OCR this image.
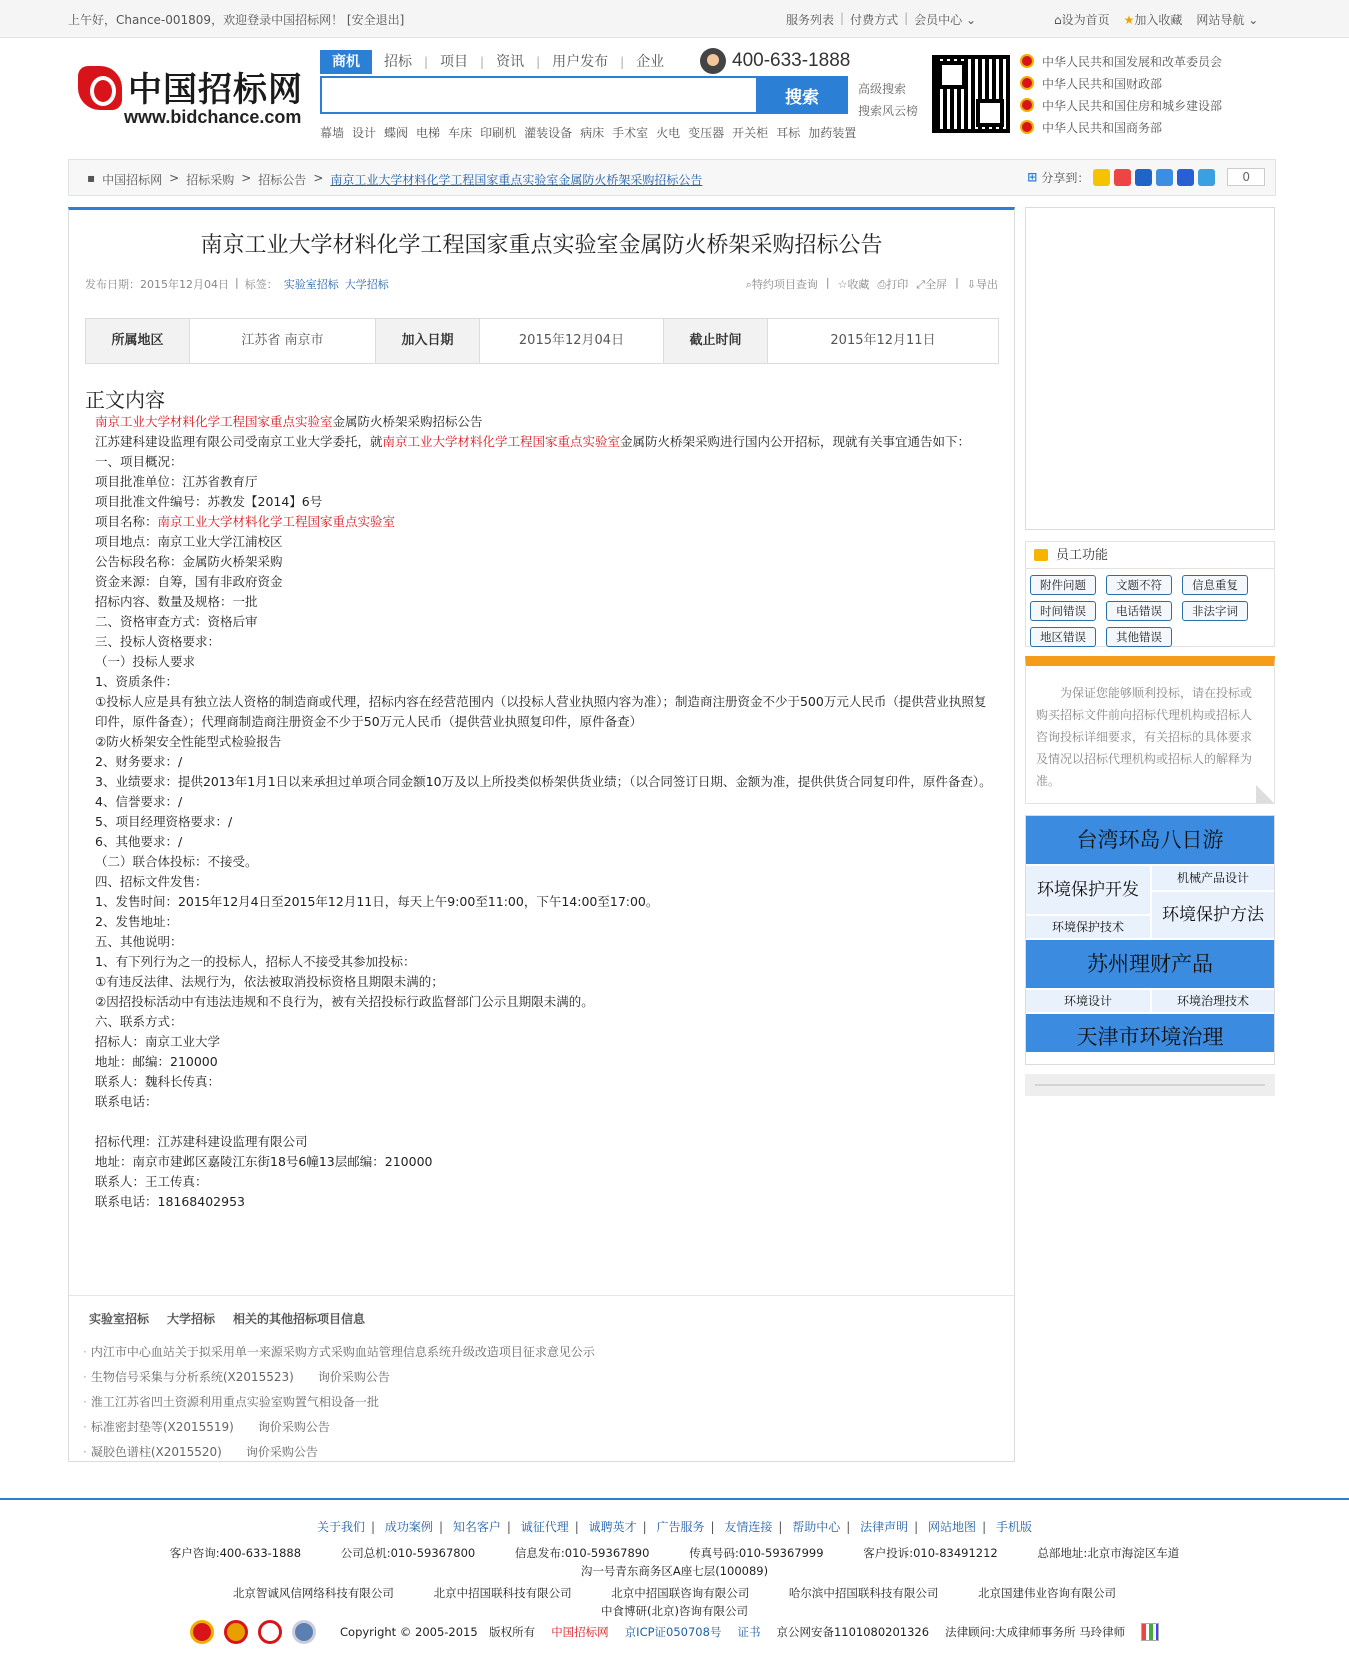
上午好，Chance-001809，欢迎登录中国招标网！ [安全退出]	服务列表 | 付费方式 | 会员中心 ⌄	⌂设为首页 ★加入收藏 网站导航 ⌄
中国招标网
www.bidchance.com
商机	招标	| 项目	| 资讯	| 用户发布	| 企业	400-633-1888
搜索	高级搜索
搜索风云榜
幕墙 设计 蝶阀 电梯 车床 印刷机 灌装设备 病床 手术室 火电 变压器 开关柜 耳标 加药装置
中华人民共和国发展和改革委员会
中华人民共和国财政部
中华人民共和国住房和城乡建设部
中华人民共和国商务部
▪ 中国招标网 > 招标采购 > 招标公告 > 南京工业大学材料化学工程国家重点实验室金属防火桥架采购招标公告	⊞ 分享到：	0
南京工业大学材料化学工程国家重点实验室金属防火桥架采购招标公告
发布日期：2015年12月04日 | 标签： 实验室招标 大学招标	⌕特约项目查询 | ☆收藏 ⎙打印 ⤢全屏 | ⇩导出
所属地区	江苏省 南京市	加入日期	2015年12月04日	截止时间	2015年12月11日
正文内容

南京工业大学材料化学工程国家重点实验室金属防火桥架采购招标公告

江苏建科建设监理有限公司受南京工业大学委托，就南京工业大学材料化学工程国家重点实验室金属防火桥架采购进行国内公开招标，现就有关事宜通告如下：

一、项目概况：

项目批准单位：江苏省教育厅

项目批准文件编号：苏教发【2014】6号

项目名称：南京工业大学材料化学工程国家重点实验室

项目地点：南京工业大学江浦校区

公告标段名称：金属防火桥架采购

资金来源：自筹，国有非政府资金

招标内容、数量及规格：一批

二、资格审查方式：资格后审

三、投标人资格要求：

（一）投标人要求

1、资质条件：

①投标人应是具有独立法人资格的制造商或代理，招标内容在经营范围内（以投标人营业执照内容为准）；制造商注册资金不少于500万元人民币（提供营业执照复印件，原件备查）；代理商制造商注册资金不少于50万元人民币（提供营业执照复印件，原件备查）

②防火桥架安全性能型式检验报告

2、财务要求：/

3、业绩要求：提供2013年1月1日以来承担过单项合同金额10万及以上所投类似桥架供货业绩；（以合同签订日期、金额为准，提供供货合同复印件，原件备查）。

4、信誉要求：/

5、项目经理资格要求：/

6、其他要求：/

（二）联合体投标：不接受。

四、招标文件发售：

1、发售时间：2015年12月4日至2015年12月11日，每天上午9:00至11:00，下午14:00至17:00。

2、发售地址：

五、其他说明：

1、有下列行为之一的投标人，招标人不接受其参加投标：

①有违反法律、法规行为，依法被取消投标资格且期限未满的；

②因招投标活动中有违法违规和不良行为，被有关招投标行政监督部门公示且期限未满的。

六、联系方式：

招标人：南京工业大学

地址：邮编：210000

联系人：魏科长传真：

联系电话：

招标代理：江苏建科建设监理有限公司

地址：南京市建邺区嘉陵江东街18号6幢13层邮编：210000

联系人：王工传真：

联系电话：18168402953

实验室招标 大学招标 相关的其他招标项目信息
· 内江市中心血站关于拟采用单一来源采购方式采购血站管理信息系统升级改造项目征求意见公示
· 生物信号采集与分析系统(X2015523)　　询价采购公告
· 淮工江苏省凹土资源利用重点实验室购置气相设备一批
· 标准密封垫等(X2015519)　　询价采购公告
· 凝胶色谱柱(X2015520)　　询价采购公告
员工功能
附件问题	文题不符	信息重复
时间错误	电话错误	非法字词
地区错误	其他错误
为保证您能够顺利投标，请在投标或购买招标文件前向招标代理机构或招标人咨询投标详细要求，有关招标的具体要求及情况以招标代理机构或招标人的解释为准。
台湾环岛八日游
环境保护开发
机械产品设计
环境保护技术
环境保护方法
苏州理财产品
环境设计	环境治理技术
天津市环境治理
关于我们 | 成功案例 | 知名客户 | 诚征代理 | 诚聘英才 | 广告服务 | 友情连接 | 帮助中心 | 法律声明 | 网站地图 | 手机版
客户咨询:400-633-1888	公司总机:010-59367800	信息发布:010-59367890	传真号码:010-59367999	客户投诉:010-83491212	总部地址:北京市海淀区车道
沟一号青东商务区A座七层(100089)
北京智诚风信网络科技有限公司	北京中招国联科技有限公司	北京中招国联咨询有限公司	哈尔滨中招国联科技有限公司	北京国建伟业咨询有限公司
中食博研(北京)咨询有限公司
Copyright © 2005-2015　版权所有 中国招标网 京ICP证050708号 证书 京公网安备1101080201326 法律顾问:大成律师事务所 马玲律师
